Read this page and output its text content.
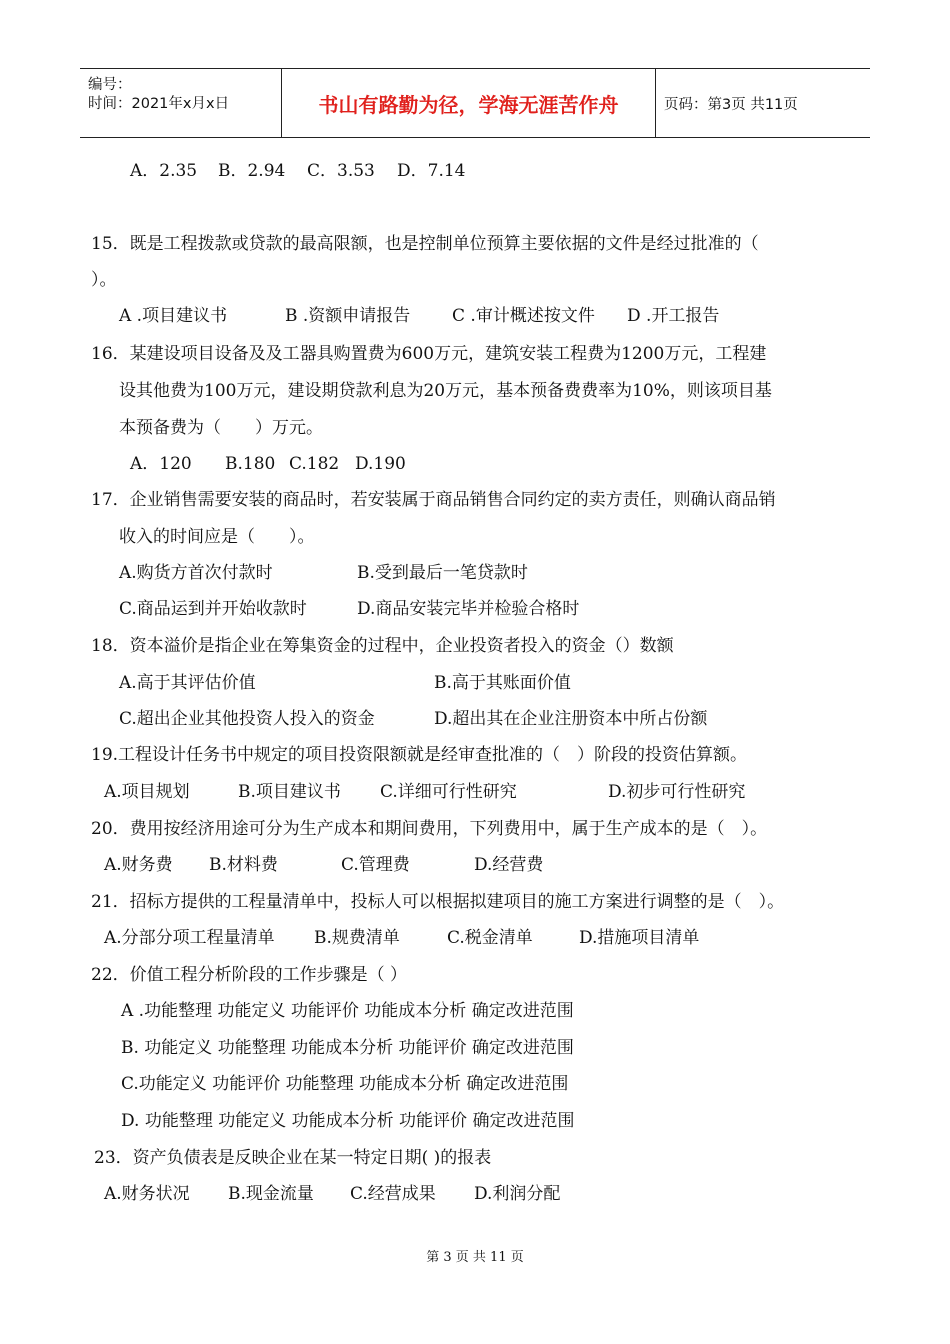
编号：
时间：2021年x月x日	书山有路勤为径，学海无涯苦作舟	页码：第3页 共11页
A．2.35 B．2.94 C．3.53 D．7.14
15．既是工程拨款或贷款的最高限额，也是控制单位预算主要依据的文件是经过批准的（
）。
A .项目建议书	B .资额申请报告 C .审计概述按文件 D .开工报告
16．某建设项目设备及及工器具购置费为600万元，建筑安装工程费为1200万元，工程建
设其他费为100万元，建设期贷款利息为20万元，基本预备费费率为10%，则该项目基
本预备费为（　　）万元。
A．120 B.180 C.182 D.190
17．企业销售需要安装的商品时，若安装属于商品销售合同约定的卖方责任，则确认商品销
收入的时间应是（　　）。
A.购货方首次付款时	B.受到最后一笔贷款时
C.商品运到并开始收款时	D.商品安装完毕并检验合格时
18．资本溢价是指企业在筹集资金的过程中，企业投资者投入的资金（）数额
A.高于其评估价值	B.高于其账面价值
C.超出企业其他投资人投入的资金	D.超出其在企业注册资本中所占份额
19.工程设计任务书中规定的项目投资限额就是经审查批准的（　）阶段的投资估算额。
A.项目规划	B.项目建议书 C.详细可行性研究	D.初步可行性研究
20．费用按经济用途可分为生产成本和期间费用，下列费用中，属于生产成本的是（　）。
A.财务费 B.材料费	C.管理费	D.经营费
21．招标方提供的工程量清单中，投标人可以根据拟建项目的施工方案进行调整的是（　）。
A.分部分项工程量清单 B.规费清单	C.税金清单	D.措施项目清单
22．价值工程分析阶段的工作步骤是（ ）
A .功能整理 功能定义 功能评价 功能成本分析 确定改进范围
B. 功能定义 功能整理 功能成本分析 功能评价 确定改进范围
C.功能定义 功能评价 功能整理 功能成本分析 确定改进范围
D. 功能整理 功能定义 功能成本分析 功能评价 确定改进范围
23．资产负债表是反映企业在某一特定日期( )的报表
A.财务状况 B.现金流量 C.经营成果 D.利润分配
第 3 页 共 11 页
